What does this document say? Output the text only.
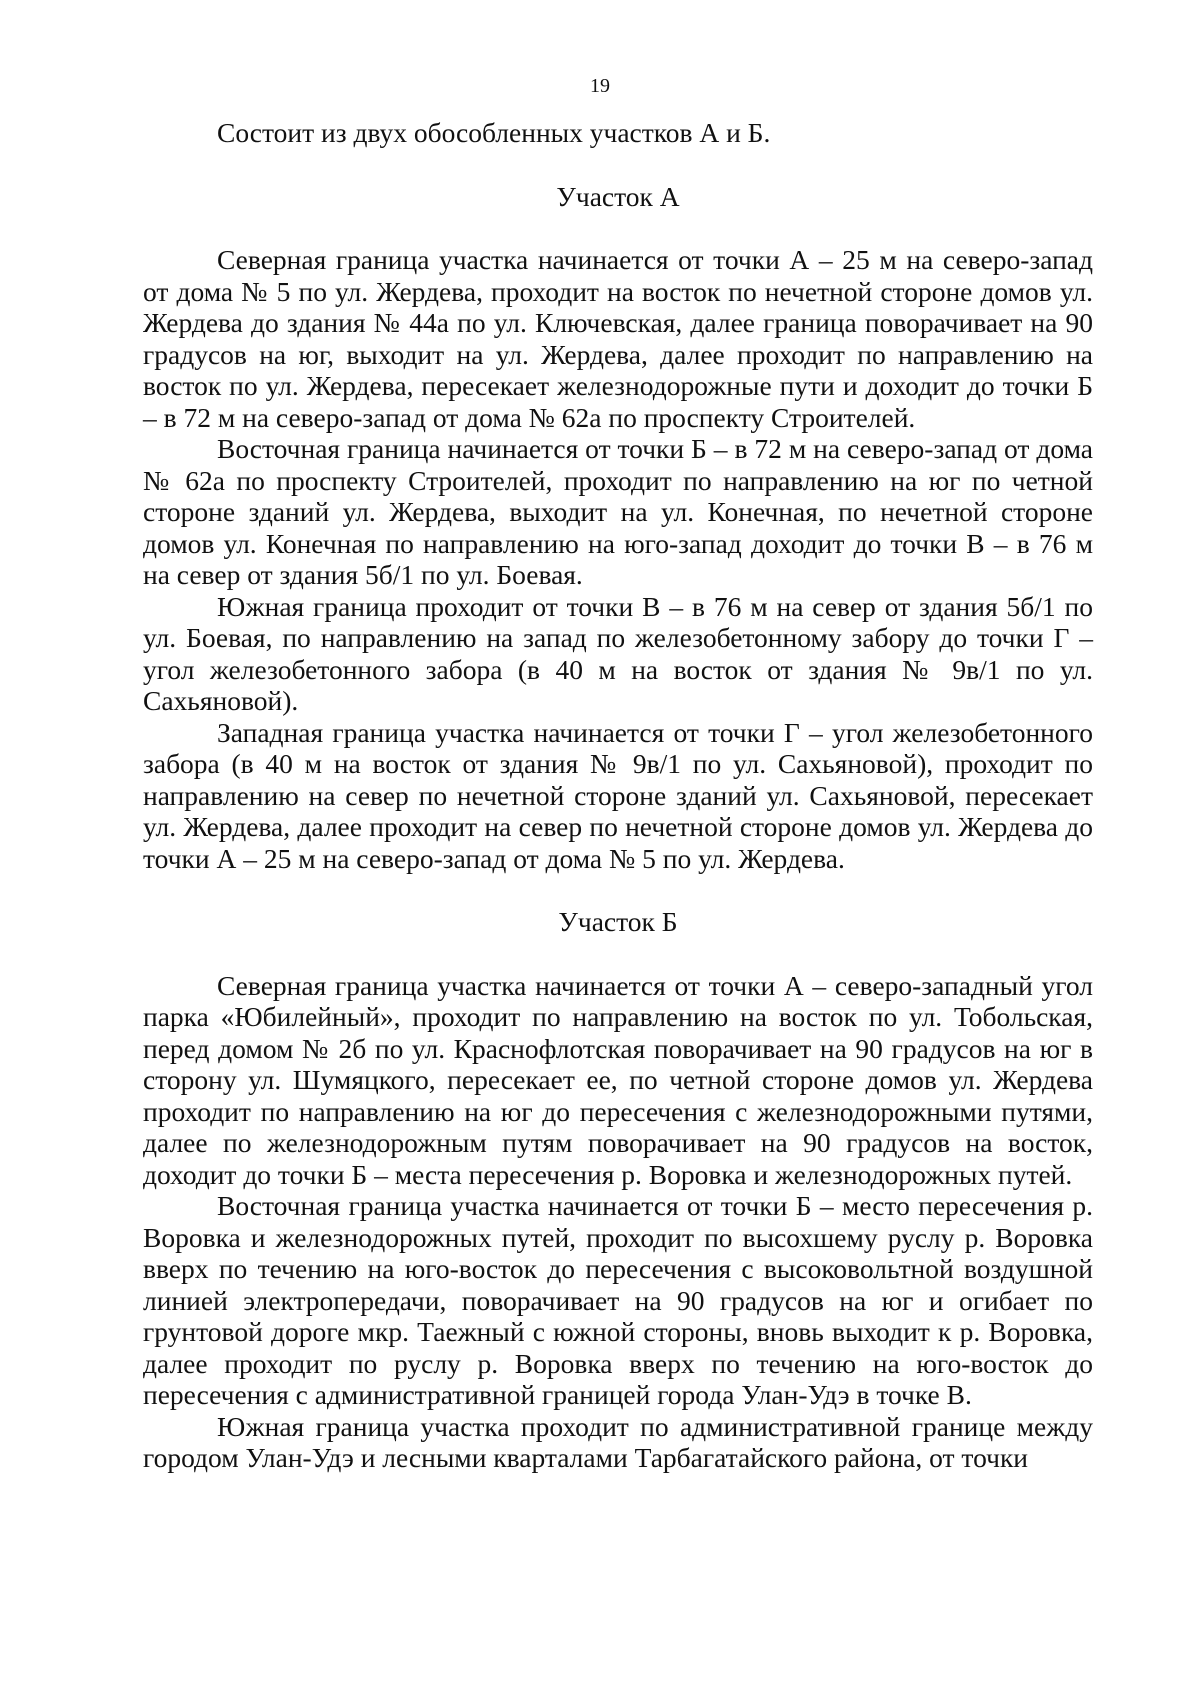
19

Состоит из двух обособленных участков А и Б.

Участок А

Северная граница участка начинается от точки А – 25 м на северо-запад от дома № 5 по ул. Жердева, проходит на восток по нечетной стороне домов ул. Жердева до здания № 44а по ул. Ключевская, далее граница поворачивает на 90 градусов на юг, выходит на ул. Жердева, далее проходит по направлению на восток по ул. Жердева, пересекает железнодорожные пути и доходит до точки Б – в 72 м на северо-запад от дома № 62а по проспекту Строителей.

Восточная граница начинается от точки Б – в 72 м на северо-запад от дома № 62а по проспекту Строителей, проходит по направлению на юг по четной стороне зданий ул. Жердева, выходит на ул. Конечная, по нечетной стороне домов ул. Конечная по направлению на юго-запад доходит до точки В – в 76 м на север от здания 5б/1 по ул. Боевая.

Южная граница проходит от точки В – в 76 м на север от здания 5б/1 по ул. Боевая, по направлению на запад по железобетонному забору до точки Г – угол железобетонного забора (в 40 м на восток от здания № 9в/1 по ул. Сахьяновой).

Западная граница участка начинается от точки Г – угол железобетонного забора (в 40 м на восток от здания № 9в/1 по ул. Сахьяновой), проходит по направлению на север по нечетной стороне зданий ул. Сахьяновой, пересекает ул. Жердева, далее проходит на север по нечетной стороне домов ул. Жердева до точки А – 25 м на северо-запад от дома № 5 по ул. Жердева.

Участок Б

Северная граница участка начинается от точки А – северо-западный угол парка «Юбилейный», проходит по направлению на восток по ул. Тобольская, перед домом № 2б по ул. Краснофлотская поворачивает на 90 градусов на юг в сторону ул. Шумяцкого, пересекает ее, по четной стороне домов ул. Жердева проходит по направлению на юг до пересечения с железнодорожными путями, далее по железнодорожным путям поворачивает на 90 градусов на восток, доходит до точки Б – места пересечения р. Воровка и железнодорожных путей.

Восточная граница участка начинается от точки Б – место пересечения р. Воровка и железнодорожных путей, проходит по высохшему руслу р. Воровка вверх по течению на юго-восток до пересечения с высоковольтной воздушной линией электропередачи, поворачивает на 90 градусов на юг и огибает по грунтовой дороге мкр. Таежный с южной стороны, вновь выходит к р. Воровка, далее проходит по руслу р. Воровка вверх по течению на юго-восток до пересечения с административной границей города Улан-Удэ в точке В.

Южная граница участка проходит по административной границе между городом Улан-Удэ и лесными кварталами Тарбагатайского района, от точки
